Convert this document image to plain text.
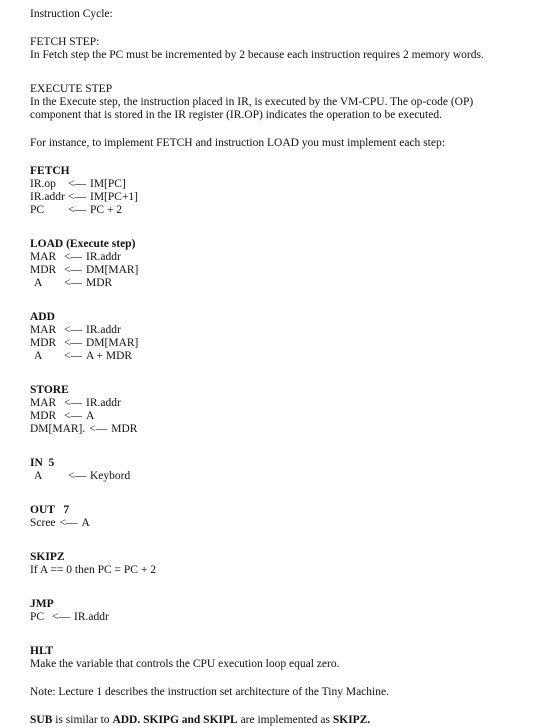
Instruction Cycle:
FETCH STEP:
In Fetch step the PC must be incremented by 2 because each instruction requires 2 memory words.
EXECUTE STEP
In the Execute step, the instruction placed in IR, is executed by the VM-CPU. The op-code (OP)
component that is stored in the IR register (IR.OP) indicates the operation to be executed.
For instance, to implement FETCH and instruction LOAD you must implement each step:
FETCH
IR.op	<— IM[PC]
IR.addr <— IM[PC+1]
PC	<— PC + 2
LOAD (Execute step)
MAR <— IR.addr
MDR <— DM[MAR]
A	<— MDR
ADD
MAR <— IR.addr
MDR <— DM[MAR]
A	<— A + MDR
STORE
MAR <— IR.addr
MDR <— A
DM[MAR]. <— MDR
IN  5
A	<— Keybord
OUT   7
Scree <— A
SKIPZ
If A == 0 then PC = PC + 2
JMP
PC <— IR.addr
HLT
Make the variable that controls the CPU execution loop equal zero.
Note: Lecture 1 describes the instruction set architecture of the Tiny Machine.
SUB is similar to ADD. SKIPG and SKIPL are implemented as SKIPZ.
